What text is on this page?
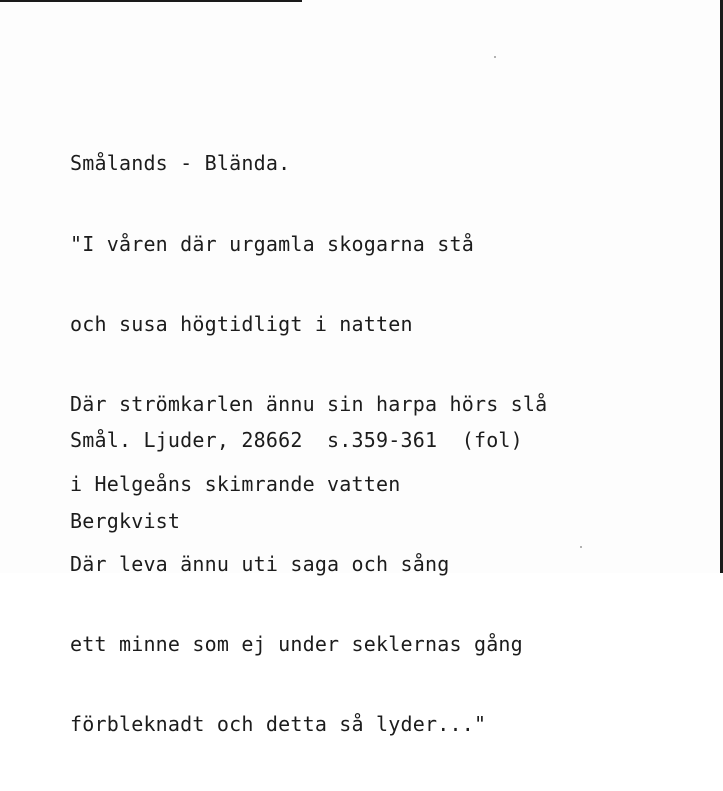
Smålands - Blända.

"I våren där urgamla skogarna stå

och susa högtidligt i natten

Där strömkarlen ännu sin harpa hörs slå

i Helgeåns skimrande vatten

Där leva ännu uti saga och sång

ett minne som ej under seklernas gång

förbleknadt och detta så lyder..."

Smål. Ljuder, 28662  s.359-361  (fol)

Bergkvist
